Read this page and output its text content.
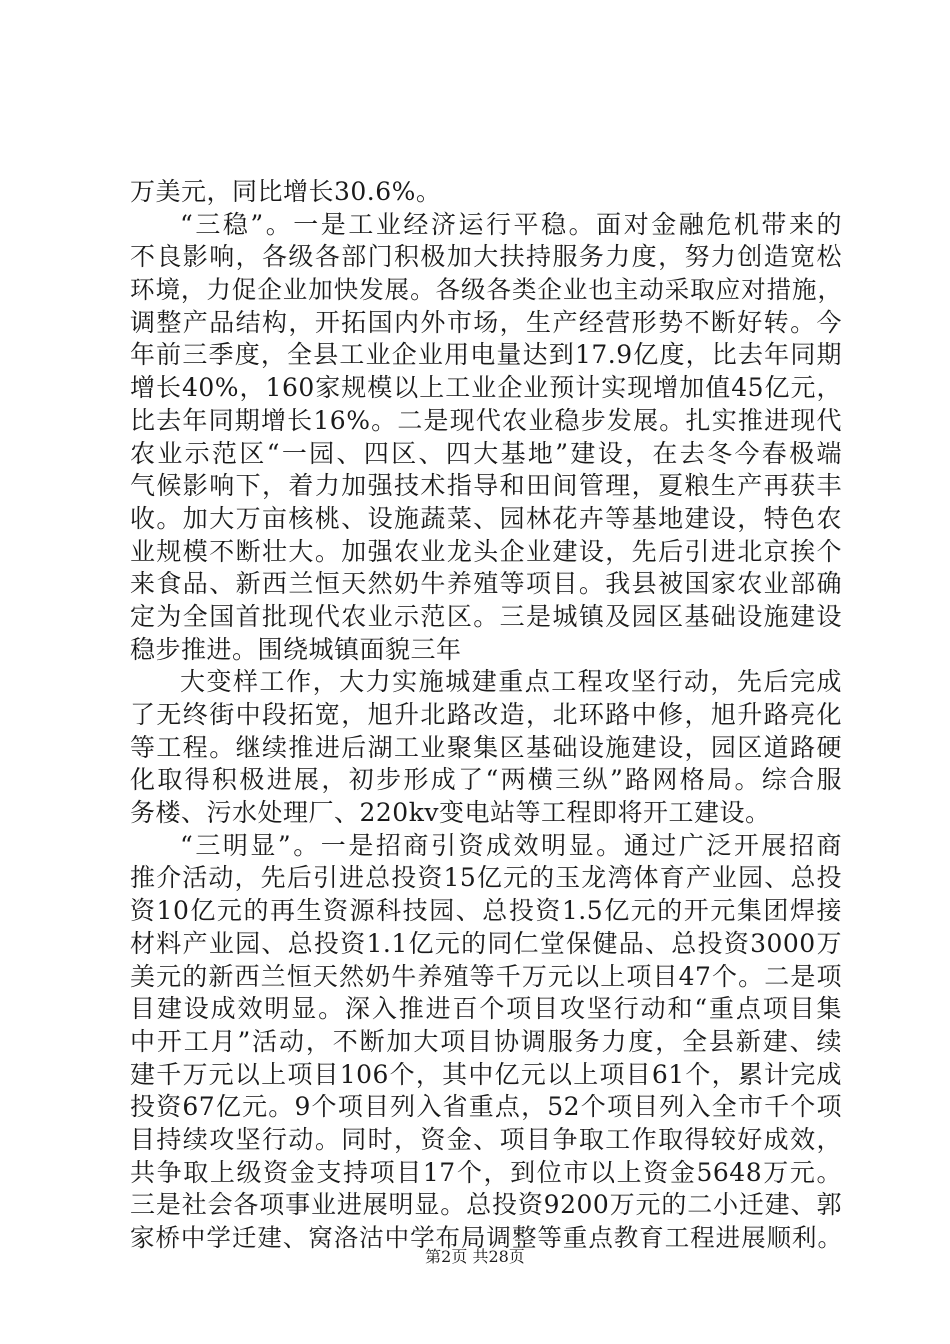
万美元，同比增长30.6%。
“三稳”。一是工业经济运行平稳。面对金融危机带来的
不良影响，各级各部门积极加大扶持服务力度，努力创造宽松
环境，力促企业加快发展。各级各类企业也主动采取应对措施，
调整产品结构，开拓国内外市场，生产经营形势不断好转。今
年前三季度，全县工业企业用电量达到17.9亿度，比去年同期
增长40%，160家规模以上工业企业预计实现增加值45亿元，
比去年同期增长16%。二是现代农业稳步发展。扎实推进现代
农业示范区“一园、四区、四大基地”建设，在去冬今春极端
气候影响下，着力加强技术指导和田间管理，夏粮生产再获丰
收。加大万亩核桃、设施蔬菜、园林花卉等基地建设，特色农
业规模不断壮大。加强农业龙头企业建设，先后引进北京挨个
来食品、新西兰恒天然奶牛养殖等项目。我县被国家农业部确
定为全国首批现代农业示范区。三是城镇及园区基础设施建设
稳步推进。围绕城镇面貌三年
大变样工作，大力实施城建重点工程攻坚行动，先后完成
了无终街中段拓宽，旭升北路改造，北环路中修，旭升路亮化
等工程。继续推进后湖工业聚集区基础设施建设，园区道路硬
化取得积极进展，初步形成了“两横三纵”路网格局。综合服
务楼、污水处理厂、220kv变电站等工程即将开工建设。
“三明显”。一是招商引资成效明显。通过广泛开展招商
推介活动，先后引进总投资15亿元的玉龙湾体育产业园、总投
资10亿元的再生资源科技园、总投资1.5亿元的开元集团焊接
材料产业园、总投资1.1亿元的同仁堂保健品、总投资3000万
美元的新西兰恒天然奶牛养殖等千万元以上项目47个。二是项
目建设成效明显。深入推进百个项目攻坚行动和“重点项目集
中开工月”活动，不断加大项目协调服务力度，全县新建、续
建千万元以上项目106个，其中亿元以上项目61个，累计完成
投资67亿元。9个项目列入省重点，52个项目列入全市千个项
目持续攻坚行动。同时，资金、项目争取工作取得较好成效，
共争取上级资金支持项目17个，到位市以上资金5648万元。
三是社会各项事业进展明显。总投资9200万元的二小迁建、郭
家桥中学迁建、窝洛沽中学布局调整等重点教育工程进展顺利。
第2页 共28页
